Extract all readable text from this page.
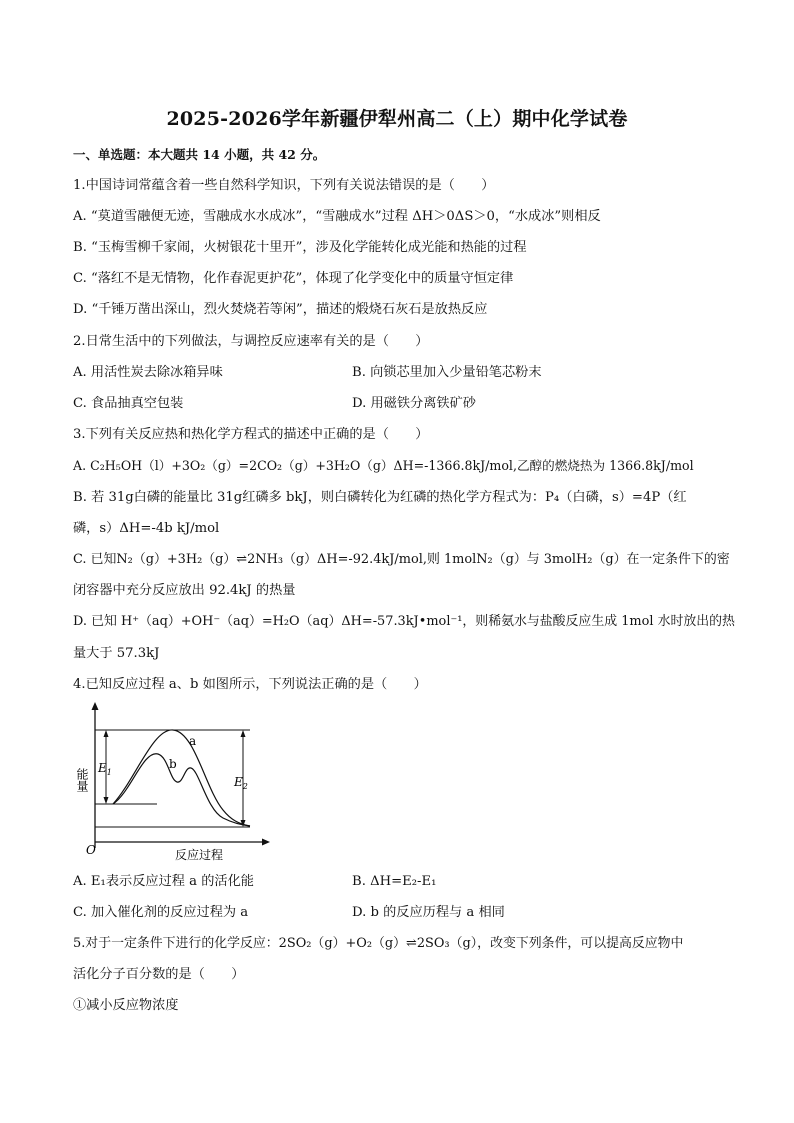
2025-2026学年新疆伊犁州高二（上）期中化学试卷
一、单选题：本大题共 14 小题，共 42 分。
1.中国诗词常蕴含着一些自然科学知识，下列有关说法错误的是（　　）
A. “莫道雪融便无迹，雪融成水水成冰”，“雪融成水”过程 ΔH＞0ΔS＞0，“水成冰”则相反
B. “玉梅雪柳千家闹，火树银花十里开”，涉及化学能转化成光能和热能的过程
C. “落红不是无情物，化作春泥更护花”，体现了化学变化中的质量守恒定律
D. “千锤万凿出深山，烈火焚烧若等闲”，描述的煅烧石灰石是放热反应
2.日常生活中的下列做法，与调控反应速率有关的是（　　）
A. 用活性炭去除冰箱异味	B. 向锁芯里加入少量铅笔芯粉末
C. 食品抽真空包装	D. 用磁铁分离铁矿砂
3.下列有关反应热和热化学方程式的描述中正确的是（　　）
A. C₂H₅OH（l）+3O₂（g）=2CO₂（g）+3H₂O（g）ΔH=-1366.8kJ/mol,乙醇的燃烧热为 1366.8kJ/mol
B. 若 31g白磷的能量比 31g红磷多 bkJ，则白磷转化为红磷的热化学方程式为：P₄（白磷，s）=4P（红
磷，s）ΔH=-4b kJ/mol
C. 已知N₂（g）+3H₂（g）⇌2NH₃（g）ΔH=-92.4kJ/mol,则 1molN₂（g）与 3molH₂（g）在一定条件下的密
闭容器中充分反应放出 92.4kJ 的热量
D. 已知 H⁺（aq）+OH⁻（aq）=H₂O（aq）ΔH=-57.3kJ•mol⁻¹，则稀氨水与盐酸反应生成 1mol 水时放出的热
量大于 57.3kJ
4.已知反应过程 a、b 如图所示，下列说法正确的是（　　）
能量 $E_1$
$E_2$
a
b
O	反应过程
A. E₁表示反应过程 a 的活化能	B. ΔH=E₂-E₁
C. 加入催化剂的反应过程为 a	D. b 的反应历程与 a 相同
5.对于一定条件下进行的化学反应：2SO₂（g）+O₂（g）⇌2SO₃（g），改变下列条件，可以提高反应物中
活化分子百分数的是（　　）
①减小反应物浓度
